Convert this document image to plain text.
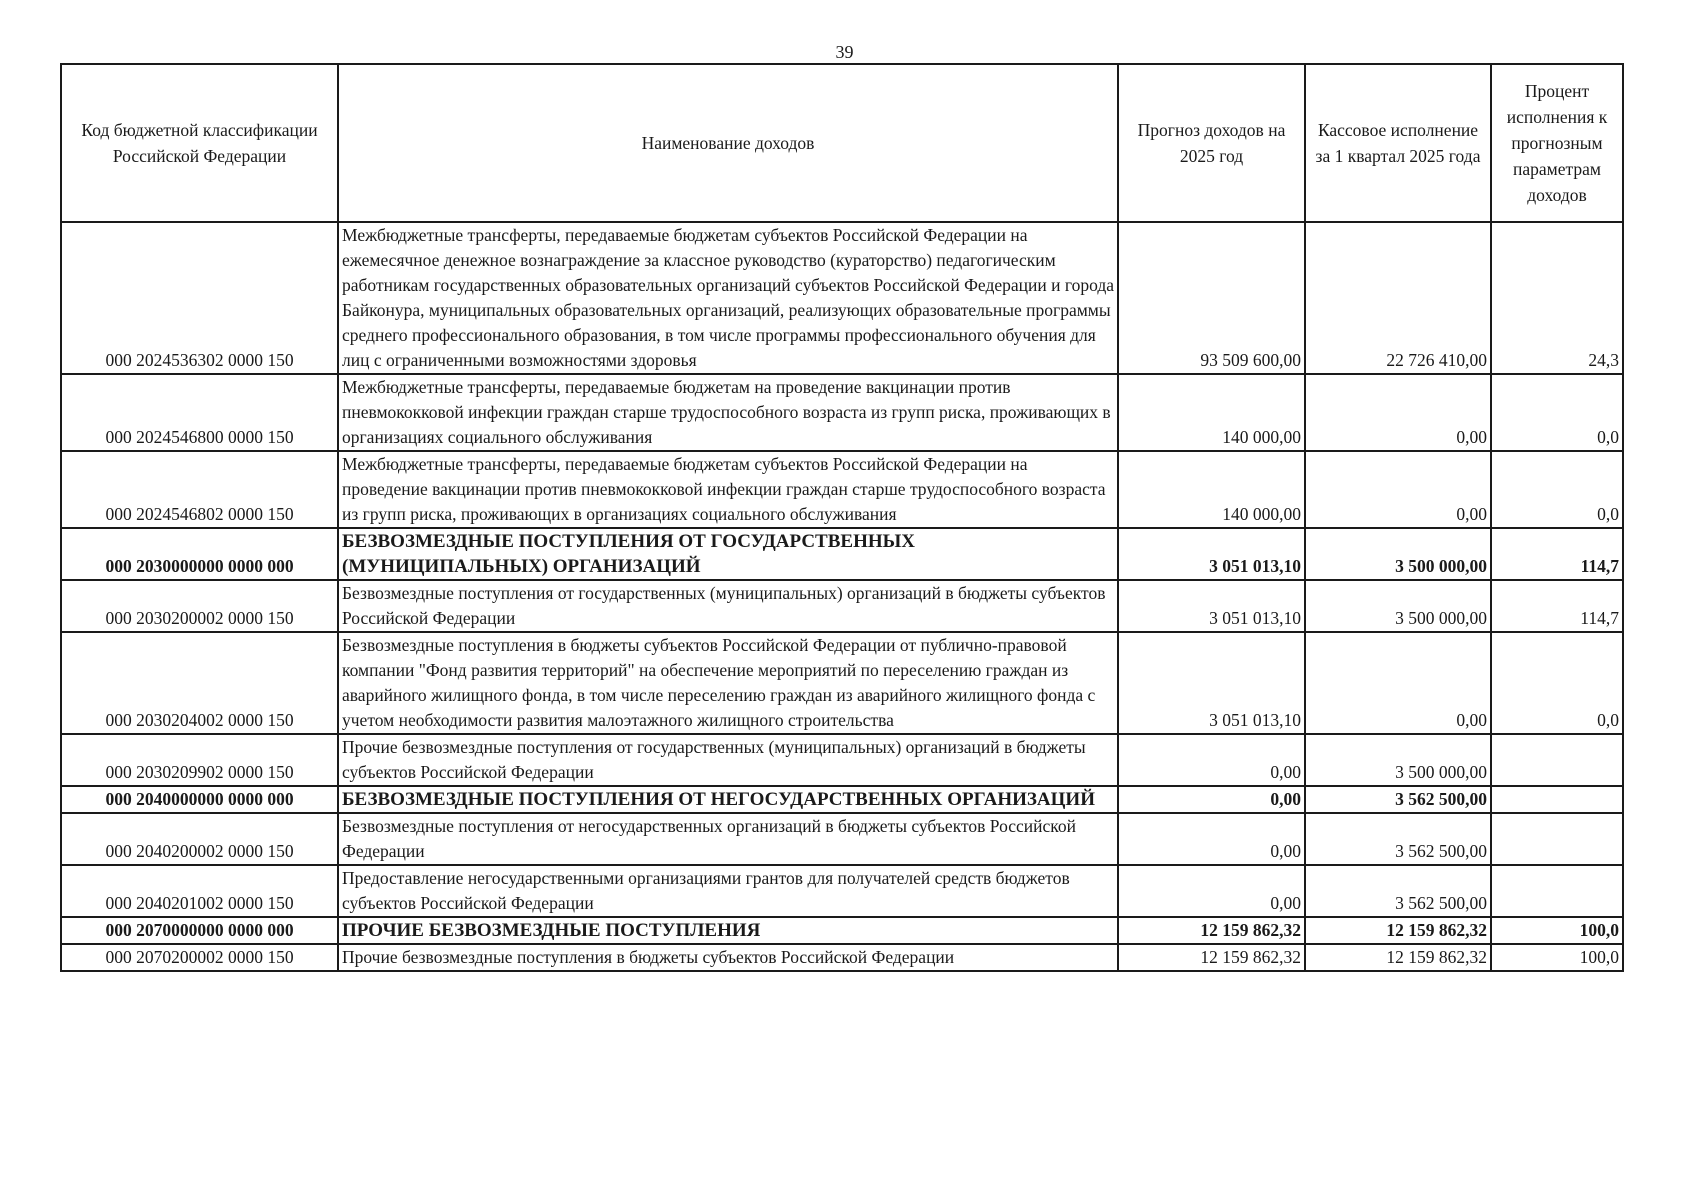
39
Код бюджетной классификации Российской Федерации	Наименование доходов	Прогноз доходов на 2025 год	Кассовое исполнение за 1 квартал 2025 года	Процент исполнения к прогнозным параметрам доходов
000 2024536302 0000 150	Межбюджетные трансферты, передаваемые бюджетам субъектов Российской Федерации на ежемесячное денежное вознаграждение за классное руководство (кураторство) педагогическим работникам государственных образовательных организаций субъектов Российской Федерации и города Байконура, муниципальных образовательных организаций, реализующих образовательные программы среднего профессионального образования, в том числе программы профессионального обучения для лиц с ограниченными возможностями здоровья	93 509 600,00	22 726 410,00	24,3
000 2024546800 0000 150	Межбюджетные трансферты, передаваемые бюджетам на проведение вакцинации против пневмококковой инфекции граждан старше трудоспособного возраста из групп риска, проживающих в организациях социального обслуживания	140 000,00	0,00	0,0
000 2024546802 0000 150	Межбюджетные трансферты, передаваемые бюджетам субъектов Российской Федерации на проведение вакцинации против пневмококковой инфекции граждан старше трудоспособного возраста из групп риска, проживающих в организациях социального обслуживания	140 000,00	0,00	0,0
000 2030000000 0000 000	БЕЗВОЗМЕЗДНЫЕ ПОСТУПЛЕНИЯ ОТ ГОСУДАРСТВЕННЫХ (МУНИЦИПАЛЬНЫХ) ОРГАНИЗАЦИЙ	3 051 013,10	3 500 000,00	114,7
000 2030200002 0000 150	Безвозмездные поступления от государственных (муниципальных) организаций в бюджеты субъектов Российской Федерации	3 051 013,10	3 500 000,00	114,7
000 2030204002 0000 150	Безвозмездные поступления в бюджеты субъектов Российской Федерации от публично-правовой компании "Фонд развития территорий" на обеспечение мероприятий по переселению граждан из аварийного жилищного фонда, в том числе переселению граждан из аварийного жилищного фонда с учетом необходимости развития малоэтажного жилищного строительства	3 051 013,10	0,00	0,0
000 2030209902 0000 150	Прочие безвозмездные поступления от государственных (муниципальных) организаций в бюджеты субъектов Российской Федерации	0,00	3 500 000,00	
000 2040000000 0000 000	БЕЗВОЗМЕЗДНЫЕ ПОСТУПЛЕНИЯ ОТ НЕГОСУДАРСТВЕННЫХ ОРГАНИЗАЦИЙ	0,00	3 562 500,00	
000 2040200002 0000 150	Безвозмездные поступления от негосударственных организаций в бюджеты субъектов Российской Федерации	0,00	3 562 500,00	
000 2040201002 0000 150	Предоставление негосударственными организациями грантов для получателей средств бюджетов субъектов Российской Федерации	0,00	3 562 500,00	
000 2070000000 0000 000	ПРОЧИЕ БЕЗВОЗМЕЗДНЫЕ ПОСТУПЛЕНИЯ	12 159 862,32	12 159 862,32	100,0
000 2070200002 0000 150	Прочие безвозмездные поступления в бюджеты субъектов Российской Федерации	12 159 862,32	12 159 862,32	100,0
